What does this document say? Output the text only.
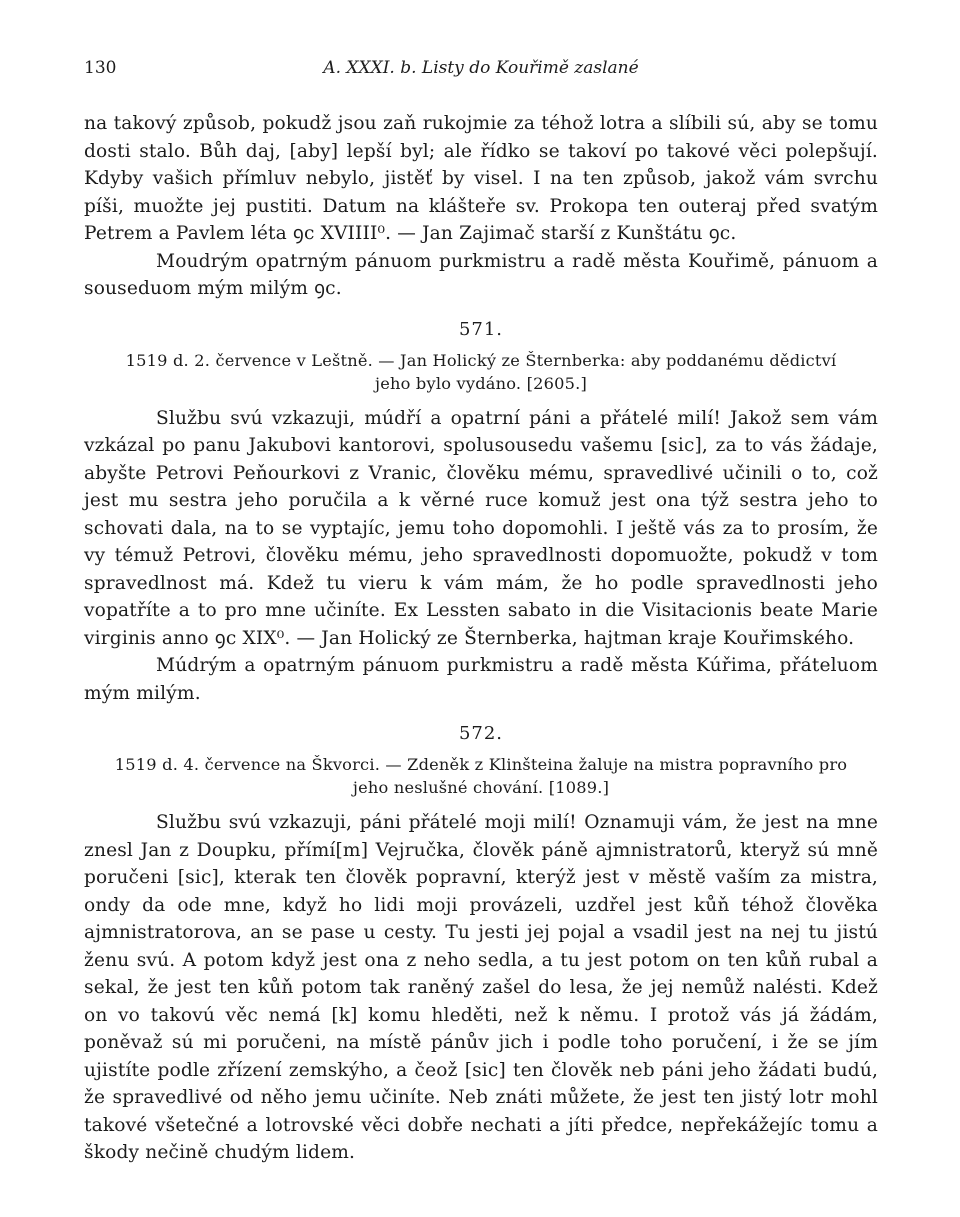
130	A. XXXI. b. Listy do Kouřimě zaslané

na takový způsob, pokudž jsou zaň rukojmie za téhož lotra a slíbili sú, aby se tomu dosti stalo. Bůh daj, [aby] lepší byl; ale řídko se takoví po takové věci polepšují. Kdyby vašich přímluv nebylo, jistěť by visel. I na ten způsob, jakož vám svrchu píši, muožte jej pustiti. Datum na klášteře sv. Prokopa ten outeraj před svatým Petrem a Pavlem léta ꝯc XVIIII⁰. — Jan Zajimač starší z Kunštátu ꝯc.

Moudrým opatrným pánuom purkmistru a radě města Kouřimě, pánuom a souseduom mým milým ꝯc.

571.
1519 d. 2. července v Leštně. — Jan Holický ze Šternberka: aby poddanému dědictví
jeho bylo vydáno. [2605.]

Službu svú vzkazuji, múdří a opatrní páni a přátelé milí! Jakož sem vám vzkázal po panu Jakubovi kantorovi, spolusousedu vašemu [sic], za to vás žádaje, abyšte Petrovi Peňourkovi z Vranic, člověku mému, spravedlivé učinili o to, což jest mu sestra jeho poručila a k věrné ruce komuž jest ona týž sestra jeho to schovati dala, na to se vyptajíc, jemu toho dopomohli. I ještě vás za to prosím, že vy témuž Petrovi, člověku mému, jeho spravedlnosti dopomuožte, pokudž v tom spravedlnost má. Kdež tu vieru k vám mám, že ho podle spravedlnosti jeho vopatříte a to pro mne učiníte. Ex Lessten sabato in die Visitacionis beate Marie virginis anno ꝯc XIX⁰. — Jan Holický ze Šternberka, hajtman kraje Kouřimského.

Múdrým a opatrným pánuom purkmistru a radě města Kúřima, přáteluom mým milým.

572.
1519 d. 4. července na Škvorci. — Zdeněk z Klinšteina žaluje na mistra popravního pro
jeho neslušné chování. [1089.]

Službu svú vzkazuji, páni přátelé moji milí! Oznamuji vám, že jest na mne znesl Jan z Doupku, přímí[m] Vejručka, člověk páně ajmnistratorů, kteryž sú mně poručeni [sic], kterak ten člověk popravní, kterýž jest v městě vaším za mistra, ondy da ode mne, když ho lidi moji provázeli, uzdřel jest kůň téhož člověka ajmnistratorova, an se pase u cesty. Tu jesti jej pojal a vsadil jest na nej tu jistú ženu svú. A potom když jest ona z neho sedla, a tu jest potom on ten kůň rubal a sekal, že jest ten kůň potom tak raněný zašel do lesa, že jej nemůž nalésti. Kdež on vo takovú věc nemá [k] komu hleděti, než k němu. I protož vás já žádám, poněvaž sú mi poručeni, na místě pánův jich i podle toho poručení, i že se jím ujistíte podle zřízení zemskýho, a čeož [sic] ten člověk neb páni jeho žádati budú, že spravedlivé od něho jemu učiníte. Neb znáti můžete, že jest ten jistý lotr mohl takové všetečné a lotrovské věci dobře nechati a jíti předce, nepřekážejíc tomu a škody nečině chudým lidem.
